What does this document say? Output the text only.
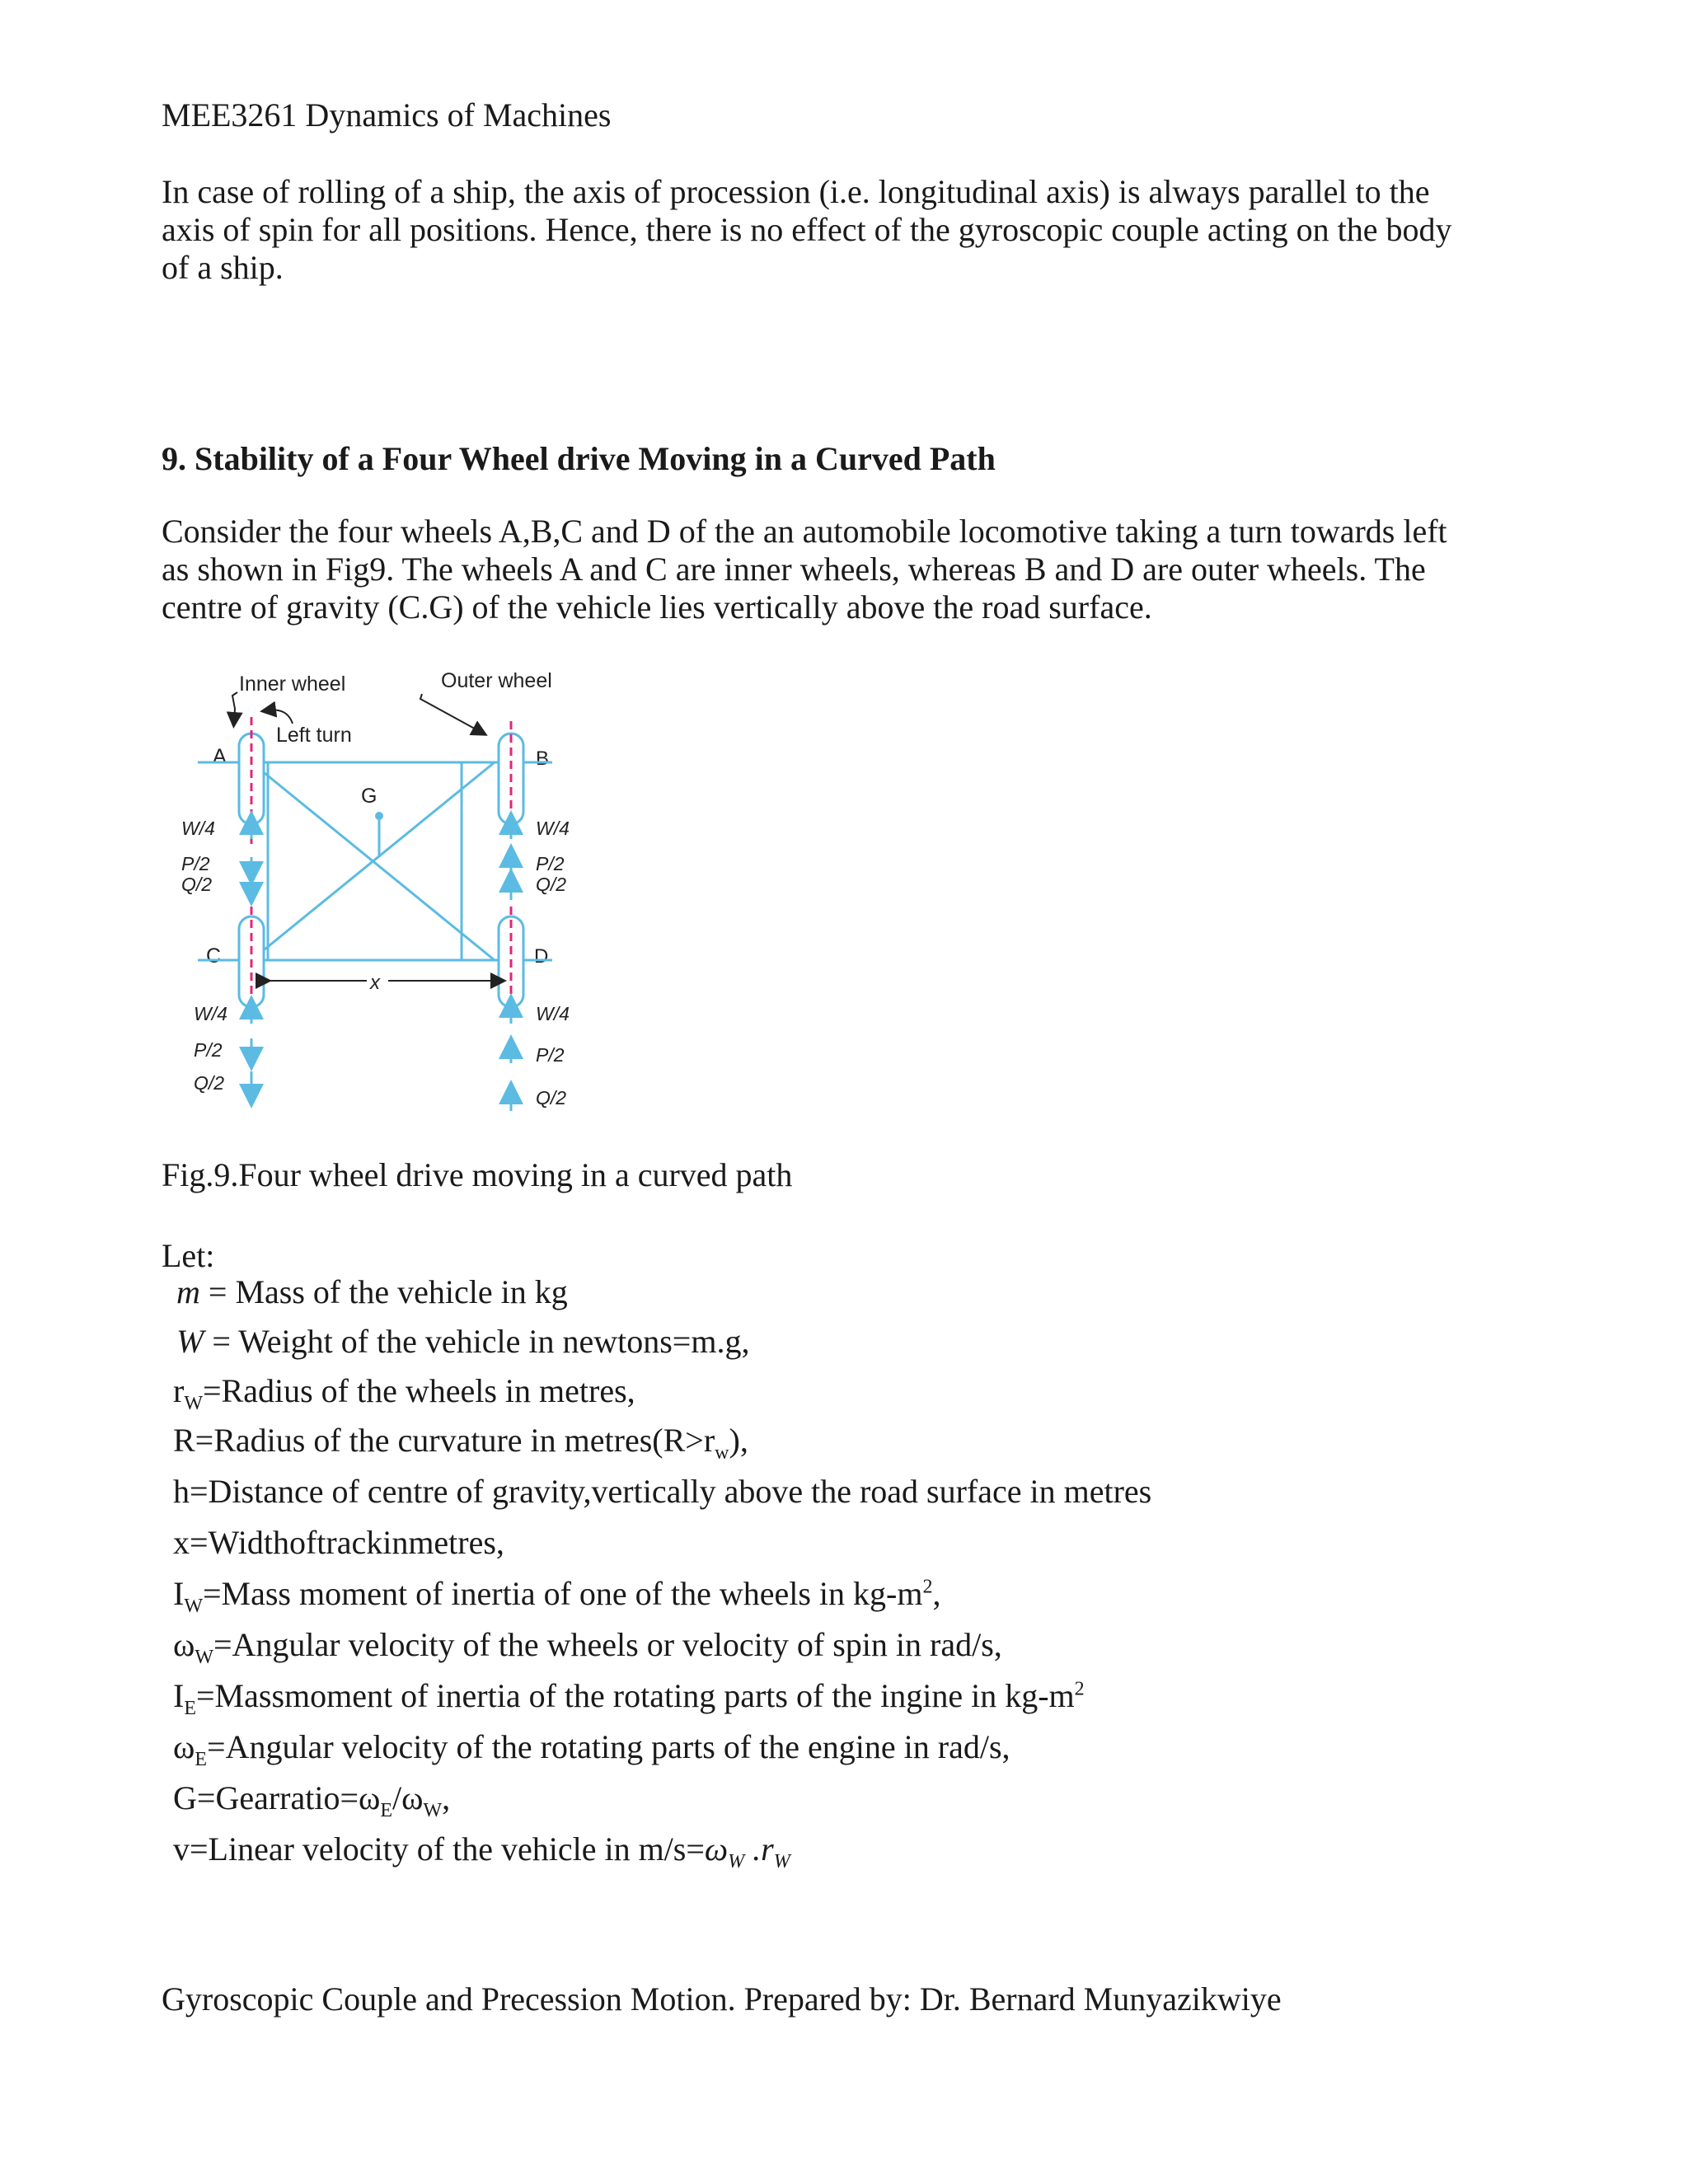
MEE3261 Dynamics of Machines

In case of rolling of a ship, the axis of procession (i.e. longitudinal axis) is always parallel to the axis of spin for all positions. Hence, there is no effect of the gyroscopic couple acting on the body of a ship.

9. Stability of a Four Wheel drive Moving in a Curved Path

Consider the four wheels A,B,C and D of the an automobile locomotive taking a turn towards left as shown in Fig9. The wheels A and C are inner wheels, whereas B and D are outer wheels. The centre of gravity (C.G) of the vehicle lies vertically above the road surface.

Inner wheel	Outer wheel
Left turn
A	B
C	D
G
x
W/4
P/2
Q/2
W/4
P/2
Q/2
W/4
P/2
Q/2
W/4
P/2
Q/2
Fig.9.Four wheel drive moving in a curved path
Let:
m = Mass of the vehicle in kg
W = Weight of the vehicle in newtons=m.g,
$r_W=Radius$ of the wheels in metres,
R=Radius of the curvature in $metres(R>r_w)$,
h=Distance of centre of gravity,vertically above the road surface in metres
x=Widthoftrackinmetres,
$I_W=Mass$ moment of inertia of one of the wheels in $kg-m^2$,
$\omega_W=Angular$ velocity of the wheels or velocity of spin in rad/s,
$I_E=Massmoment$ of inertia of the rotating parts of the ingine in $kg-m^2$
$\omega_E=Angular$ velocity of the rotating parts of the engine in rad/s,
$G=Gearratio=\omega_E/\omega_W$,
v=Linear velocity of the vehicle in $m/s=\omega_W$ $.r_W$
Gyroscopic Couple and Precession Motion. Prepared by: Dr. Bernard Munyazikwiye
